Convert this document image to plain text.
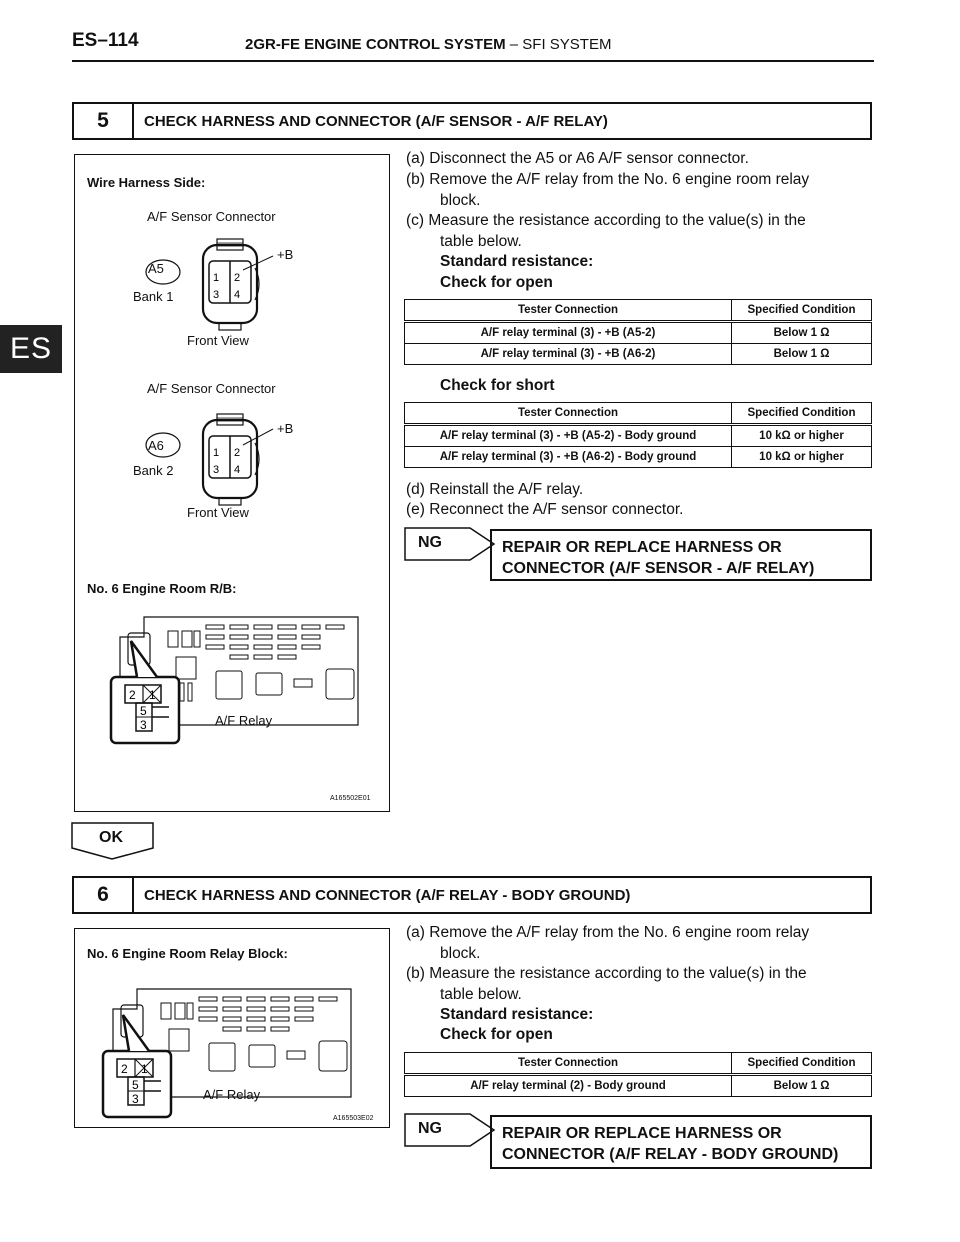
ES–114	2GR-FE ENGINE CONTROL SYSTEM – SFI SYSTEM
ES
5	CHECK HARNESS AND CONNECTOR (A/F SENSOR - A/F RELAY)
Wire Harness Side:
A/F Sensor Connector
A5
Bank 1
+B
Front View
A/F Sensor Connector
A6
Bank 2
+B
Front View
No. 6 Engine Room R/B:
A/F Relay
A165502E01
1 2
3 4
1 2
3 4
2 1
5
3
(a) Disconnect the A5 or A6 A/F sensor connector.
(b) Remove the A/F relay from the No. 6 engine room relay
block.
(c) Measure the resistance according to the value(s) in the
table below.
Standard resistance:
Check for open
Tester Connection	Specified Condition
A/F relay terminal (3) - +B (A5-2)	Below 1 Ω
A/F relay terminal (3) - +B (A6-2)	Below 1 Ω
Check for short
Tester Connection	Specified Condition
A/F relay terminal (3) - +B (A5-2) - Body ground	10 kΩ or higher
A/F relay terminal (3) - +B (A6-2) - Body ground	10 kΩ or higher
(d) Reinstall the A/F relay.
(e) Reconnect the A/F sensor connector.
NG	REPAIR OR REPLACE HARNESS OR
CONNECTOR (A/F SENSOR - A/F RELAY)
OK
6	CHECK HARNESS AND CONNECTOR (A/F RELAY - BODY GROUND)
No. 6 Engine Room Relay Block:
A/F Relay
A165503E02
2 1
5
3
(a) Remove the A/F relay from the No. 6 engine room relay
block.
(b) Measure the resistance according to the value(s) in the
table below.
Standard resistance:
Check for open
Tester Connection	Specified Condition
A/F relay terminal (2) - Body ground	Below 1 Ω
NG	REPAIR OR REPLACE HARNESS OR
CONNECTOR (A/F RELAY - BODY GROUND)
